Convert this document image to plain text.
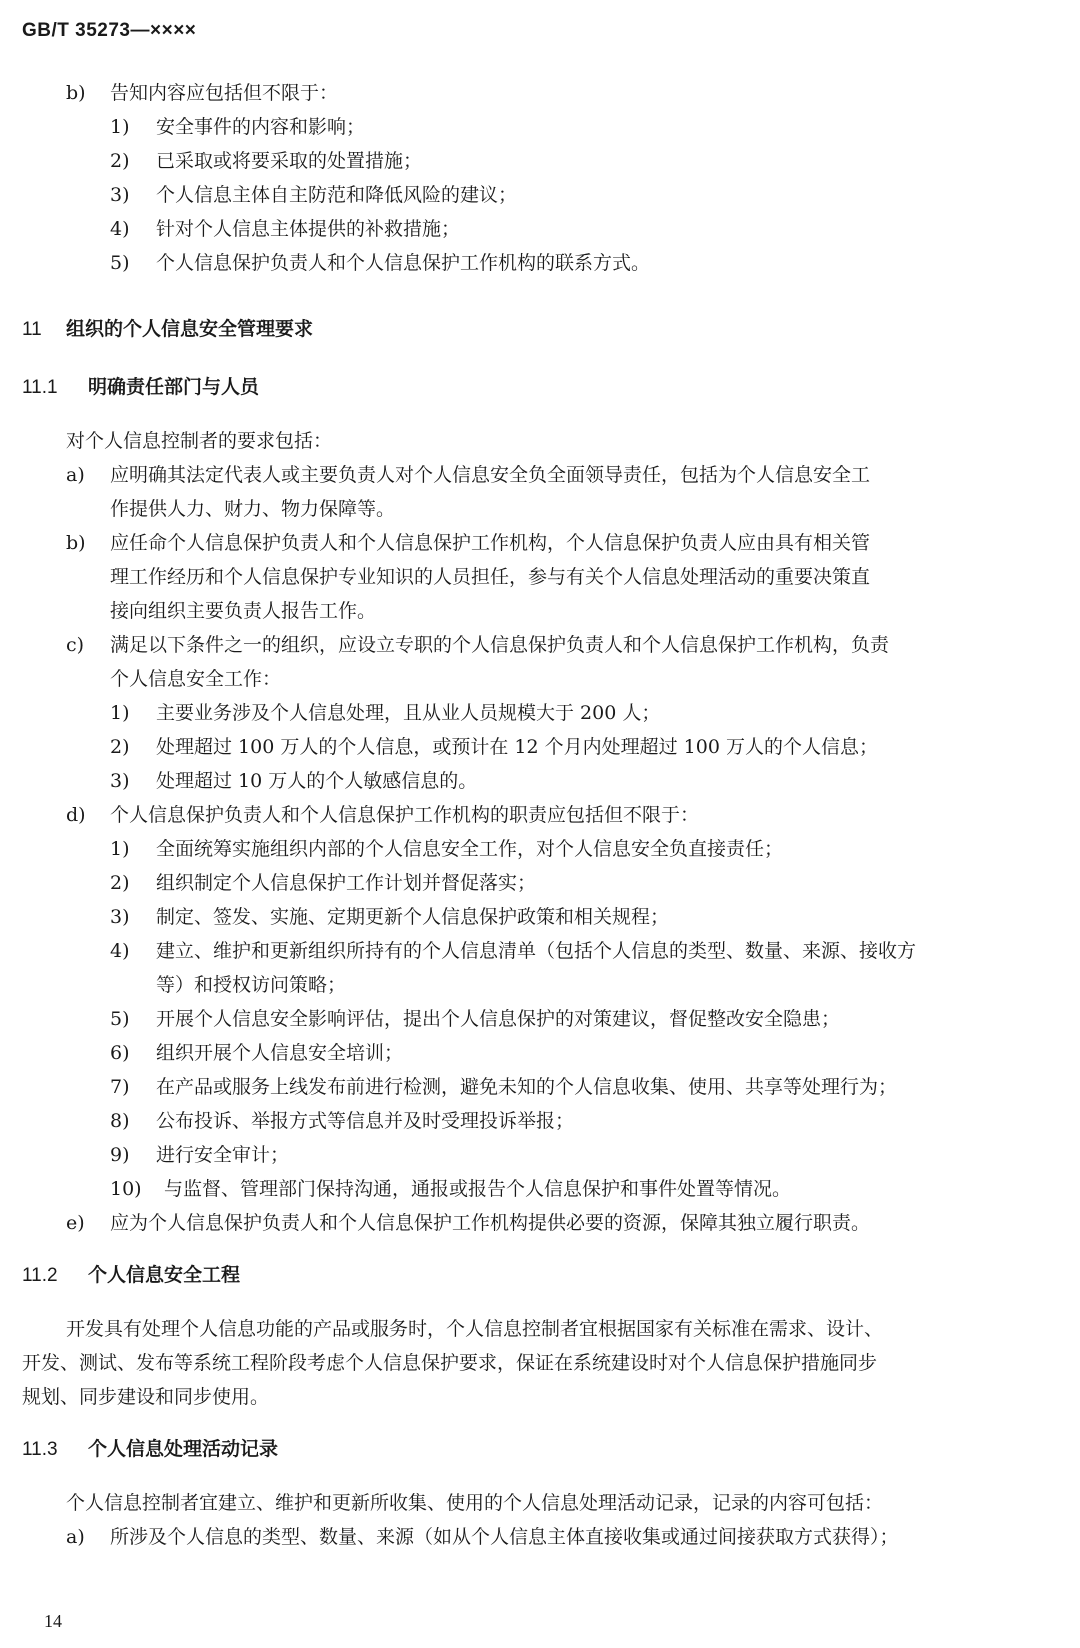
GB/T 35273—××××
b) 告知内容应包括但不限于：
1) 安全事件的内容和影响；
2) 已采取或将要采取的处置措施；
3) 个人信息主体自主防范和降低风险的建议；
4) 针对个人信息主体提供的补救措施；
5) 个人信息保护负责人和个人信息保护工作机构的联系方式。
11 组织的个人信息安全管理要求
11.1 明确责任部门与人员
对个人信息控制者的要求包括：
a) 应明确其法定代表人或主要负责人对个人信息安全负全面领导责任，包括为个人信息安全工
作提供人力、财力、物力保障等。
b) 应任命个人信息保护负责人和个人信息保护工作机构，个人信息保护负责人应由具有相关管
理工作经历和个人信息保护专业知识的人员担任，参与有关个人信息处理活动的重要决策直
接向组织主要负责人报告工作。
c) 满足以下条件之一的组织，应设立专职的个人信息保护负责人和个人信息保护工作机构，负责
个人信息安全工作：
1) 主要业务涉及个人信息处理，且从业人员规模大于 200 人；
2) 处理超过 100 万人的个人信息，或预计在 12 个月内处理超过 100 万人的个人信息；
3) 处理超过 10 万人的个人敏感信息的。
d) 个人信息保护负责人和个人信息保护工作机构的职责应包括但不限于：
1) 全面统筹实施组织内部的个人信息安全工作，对个人信息安全负直接责任；
2) 组织制定个人信息保护工作计划并督促落实；
3) 制定、签发、实施、定期更新个人信息保护政策和相关规程；
4) 建立、维护和更新组织所持有的个人信息清单（包括个人信息的类型、数量、来源、接收方
等）和授权访问策略；
5) 开展个人信息安全影响评估，提出个人信息保护的对策建议，督促整改安全隐患；
6) 组织开展个人信息安全培训；
7) 在产品或服务上线发布前进行检测，避免未知的个人信息收集、使用、共享等处理行为；
8) 公布投诉、举报方式等信息并及时受理投诉举报；
9) 进行安全审计；
10) 与监督、管理部门保持沟通，通报或报告个人信息保护和事件处置等情况。
e) 应为个人信息保护负责人和个人信息保护工作机构提供必要的资源，保障其独立履行职责。
11.2 个人信息安全工程
开发具有处理个人信息功能的产品或服务时，个人信息控制者宜根据国家有关标准在需求、设计、
开发、测试、发布等系统工程阶段考虑个人信息保护要求，保证在系统建设时对个人信息保护措施同步
规划、同步建设和同步使用。
11.3 个人信息处理活动记录
个人信息控制者宜建立、维护和更新所收集、使用的个人信息处理活动记录，记录的内容可包括：
a) 所涉及个人信息的类型、数量、来源（如从个人信息主体直接收集或通过间接获取方式获得）；
14
